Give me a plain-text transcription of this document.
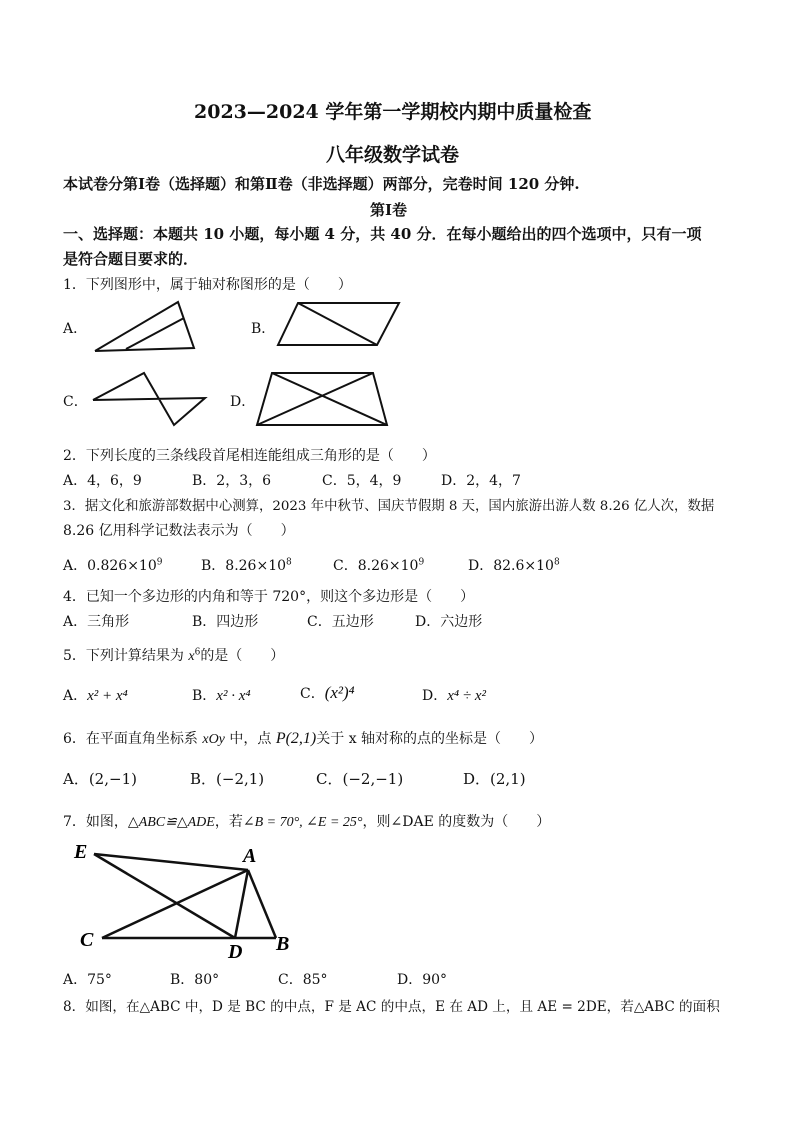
2023—2024 学年第一学期校内期中质量检查
八年级数学试卷
本试卷分第Ⅰ卷（选择题）和第Ⅱ卷（非选择题）两部分，完卷时间 120 分钟.
第Ⅰ卷
一、选择题：本题共 10 小题，每小题 4 分，共 40 分．在每小题给出的四个选项中，只有一项
是符合题目要求的．
1．下列图形中，属于轴对称图形的是（　　）
A．	B．
C．	D．
2．下列长度的三条线段首尾相连能组成三角形的是（　　）
A．4，6，9	B．2，3，6	C．5，4，9	D．2，4，7
3．据文化和旅游部数据中心测算，2023 年中秋节、国庆节假期 8 天，国内旅游出游人数 8.26 亿人次，数据
8.26 亿用科学记数法表示为（　　）
A．$0.826\times 10^9$	B．$8.26\times 10^8$	C．$8.26\times 10^9$	D．$82.6\times 10^8$
4．已知一个多边形的内角和等于 720°，则这个多边形是（　　）
A．三角形	B．四边形	C．五边形	D．六边形
5．下列计算结果为 $x^6$的是（　　）
A．x² + x⁴	B．x² · x⁴	C．(x²)⁴	D．x⁴ ÷ x²
6．在平面直角坐标系 xOy 中，点 P(2,1)关于 x 轴对称的点的坐标是（　　）
A．(2,−1)	B．(−2,1)	C．(−2,−1)	D．(2,1)
7．如图，△ABC≌△ADE，若∠B = 70°, ∠E = 25°，则∠DAE 的度数为（　　）
E	A
C
D B
A．75°	B．80°	C．85°	D．90°
8．如图，在△ABC 中，D 是 BC 的中点，F 是 AC 的中点，E 在 AD 上，且 AE = 2DE，若△ABC 的面积
